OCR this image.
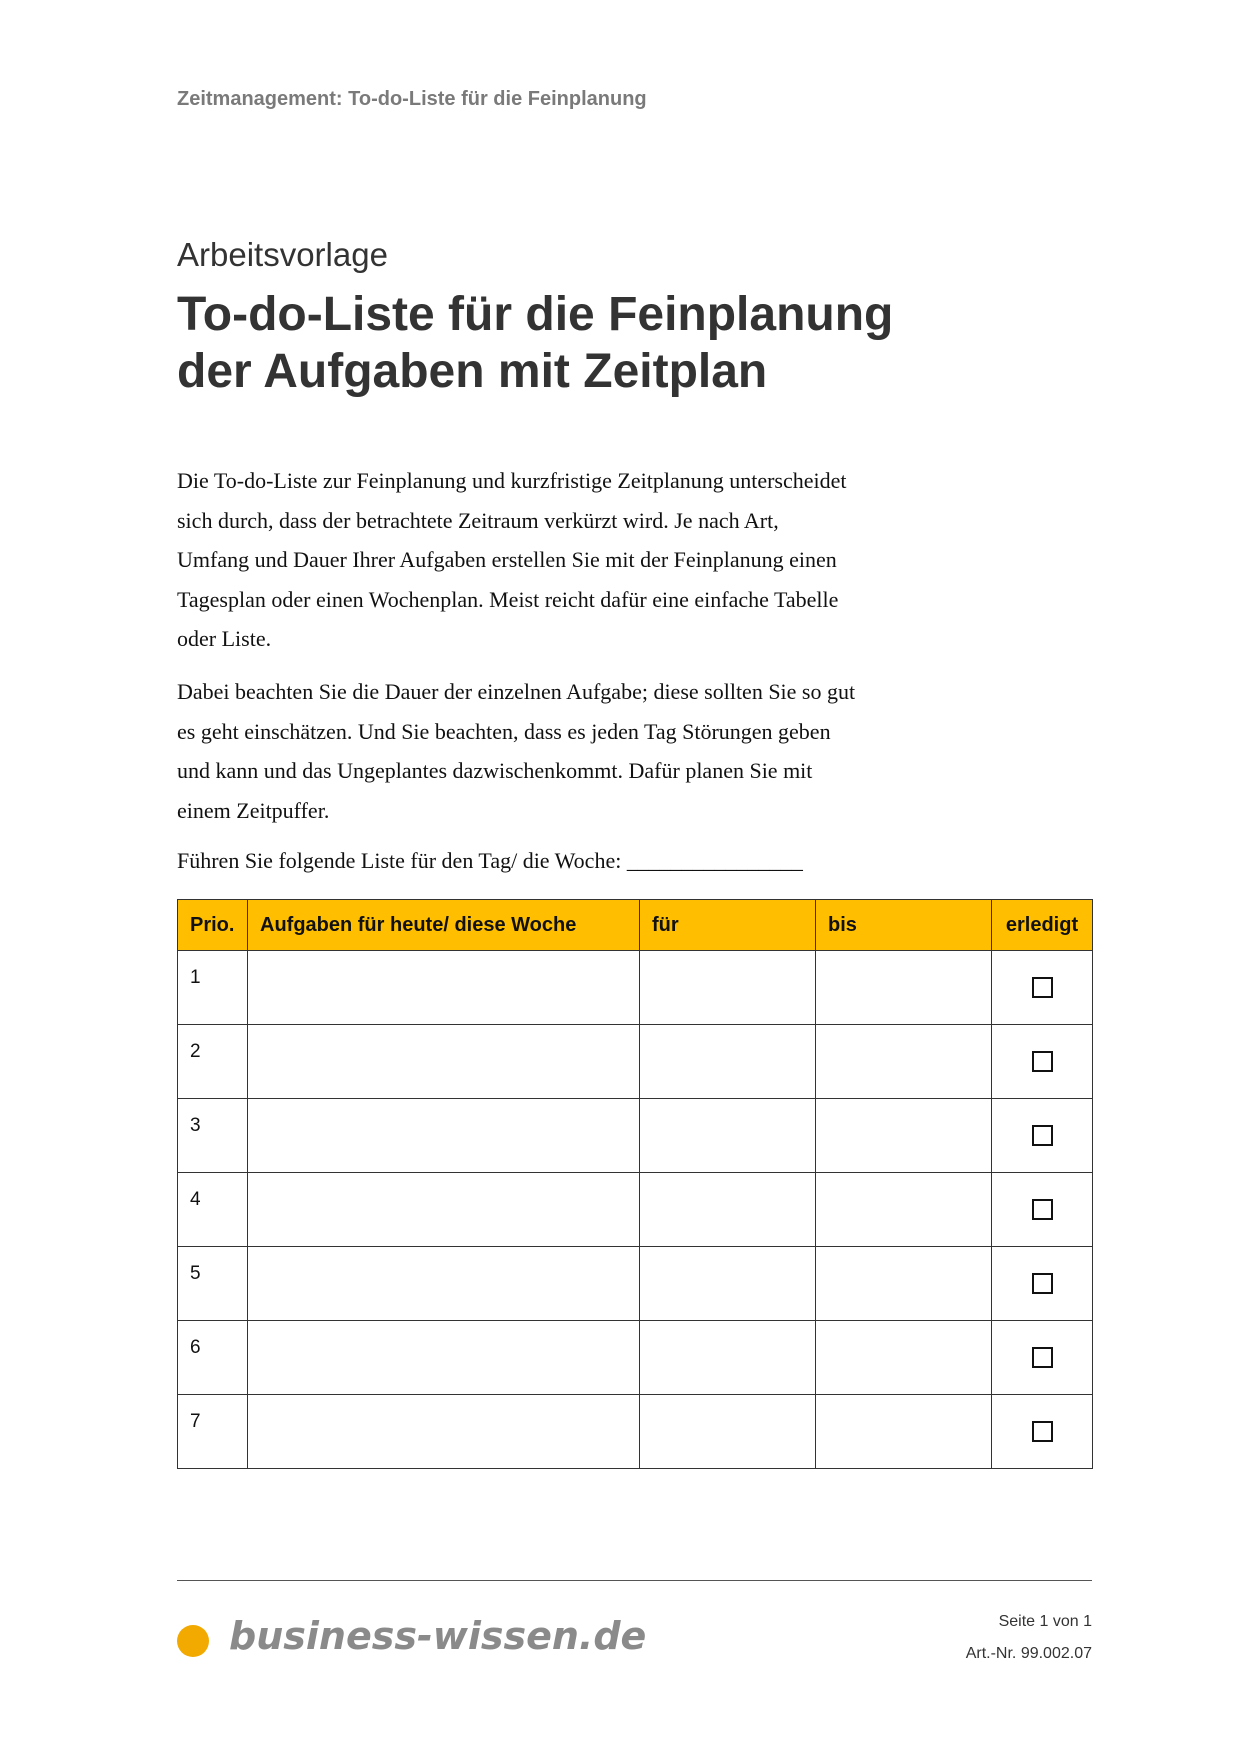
Zeitmanagement: To-do-Liste für die Feinplanung
Arbeitsvorlage
To-do-Liste für die Feinplanung
der Aufgaben mit Zeitplan

Die To-do-Liste zur Feinplanung und kurzfristige Zeitplanung unterscheidet
sich durch, dass der betrachtete Zeitraum verkürzt wird. Je nach Art,
Umfang und Dauer Ihrer Aufgaben erstellen Sie mit der Feinplanung einen
Tagesplan oder einen Wochenplan. Meist reicht dafür eine einfache Tabelle
oder Liste.

Dabei beachten Sie die Dauer der einzelnen Aufgabe; diese sollten Sie so gut
es geht einschätzen. Und Sie beachten, dass es jeden Tag Störungen geben
und kann und das Ungeplantes dazwischenkommt. Dafür planen Sie mit
einem Zeitpuffer.

Führen Sie folgende Liste für den Tag/ die Woche: ________________

Prio.	Aufgaben für heute/ diese Woche	für	bis	erledigt
1				
2				
3				
4				
5				
6				
7				
business-wissen.de	Seite 1 von 1
Art.-Nr. 99.002.07
